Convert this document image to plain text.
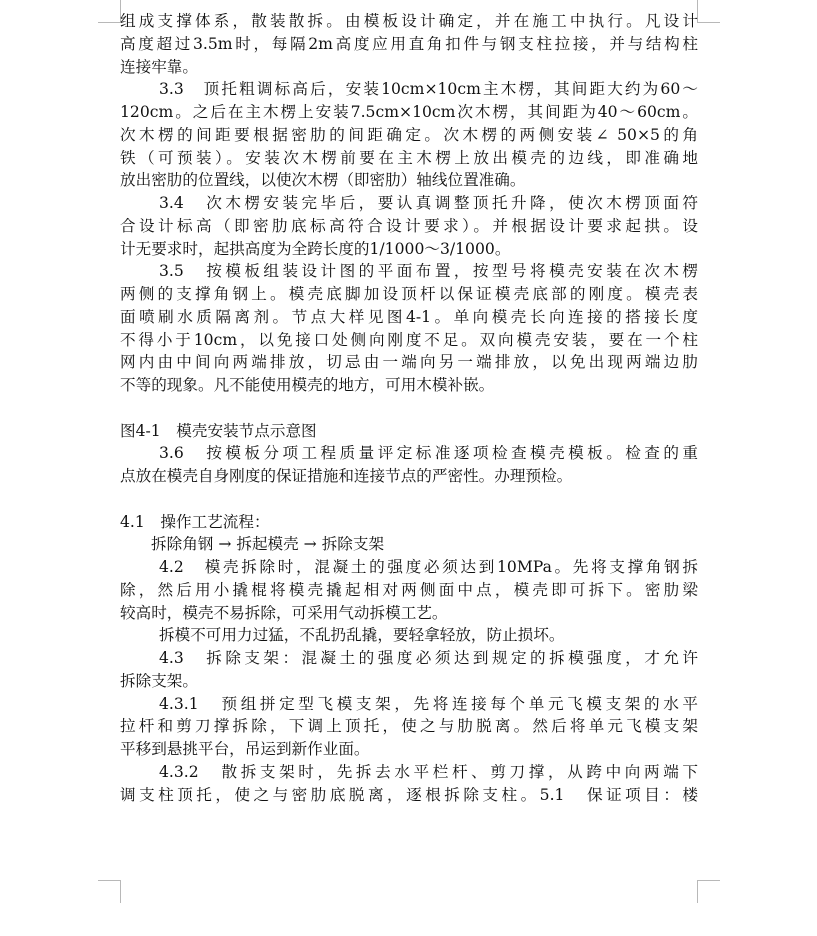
组成支撑体系，散装散拆。由模板设计确定，并在施工中执行。凡设计
高度超过3.5m时，每隔2m高度应用直角扣件与钢支柱拉接，并与结构柱
连接牢靠。
3.3　顶托粗调标高后，安装10cm×10cm主木楞，其间距大约为60～
120cm。之后在主木楞上安装7.5cm×10cm次木楞，其间距为40～60cm。
次木楞的间距要根据密肋的间距确定。次木楞的两侧安装∠ 50×5的角
铁（可预装）。安装次木楞前要在主木楞上放出模壳的边线，即准确地
放出密肋的位置线，以使次木楞（即密肋）轴线位置准确。
3.4　次木楞安装完毕后，要认真调整顶托升降，使次木楞顶面符
合设计标高（即密肋底标高符合设计要求）。并根据设计要求起拱。设
计无要求时，起拱高度为全跨长度的1/1000～3/1000。
3.5　按模板组装设计图的平面布置，按型号将模壳安装在次木楞
两侧的支撑角钢上。模壳底脚加设顶杆以保证模壳底部的刚度。模壳表
面喷刷水质隔离剂。节点大样见图4-1。单向模壳长向连接的搭接长度
不得小于10cm，以免接口处侧向刚度不足。双向模壳安装，要在一个柱
网内由中间向两端排放，切忌由一端向另一端排放，以免出现两端边肋
不等的现象。凡不能使用模壳的地方，可用木模补嵌。
图4-1　模壳安装节点示意图
3.6　按模板分项工程质量评定标准逐项检查模壳模板。检查的重
点放在模壳自身刚度的保证措施和连接节点的严密性。办理预检。
4.1　操作工艺流程：
拆除角钢 → 拆起模壳 → 拆除支架
4.2　模壳拆除时，混凝土的强度必须达到10MPa。先将支撑角钢拆
除，然后用小撬棍将模壳撬起相对两侧面中点，模壳即可拆下。密肋梁
较高时，模壳不易拆除，可采用气动拆模工艺。
拆模不可用力过猛，不乱扔乱撬，要轻拿轻放，防止损坏。
4.3　拆除支架：混凝土的强度必须达到规定的拆模强度，才允许
拆除支架。
4.3.1　预组拼定型飞模支架，先将连接每个单元飞模支架的水平
拉杆和剪刀撑拆除，下调上顶托，使之与肋脱离。然后将单元飞模支架
平移到悬挑平台，吊运到新作业面。
4.3.2　散拆支架时，先拆去水平栏杆、剪刀撑，从跨中向两端下
调支柱顶托，使之与密肋底脱离，逐根拆除支柱。5.1　保证项目：楼
